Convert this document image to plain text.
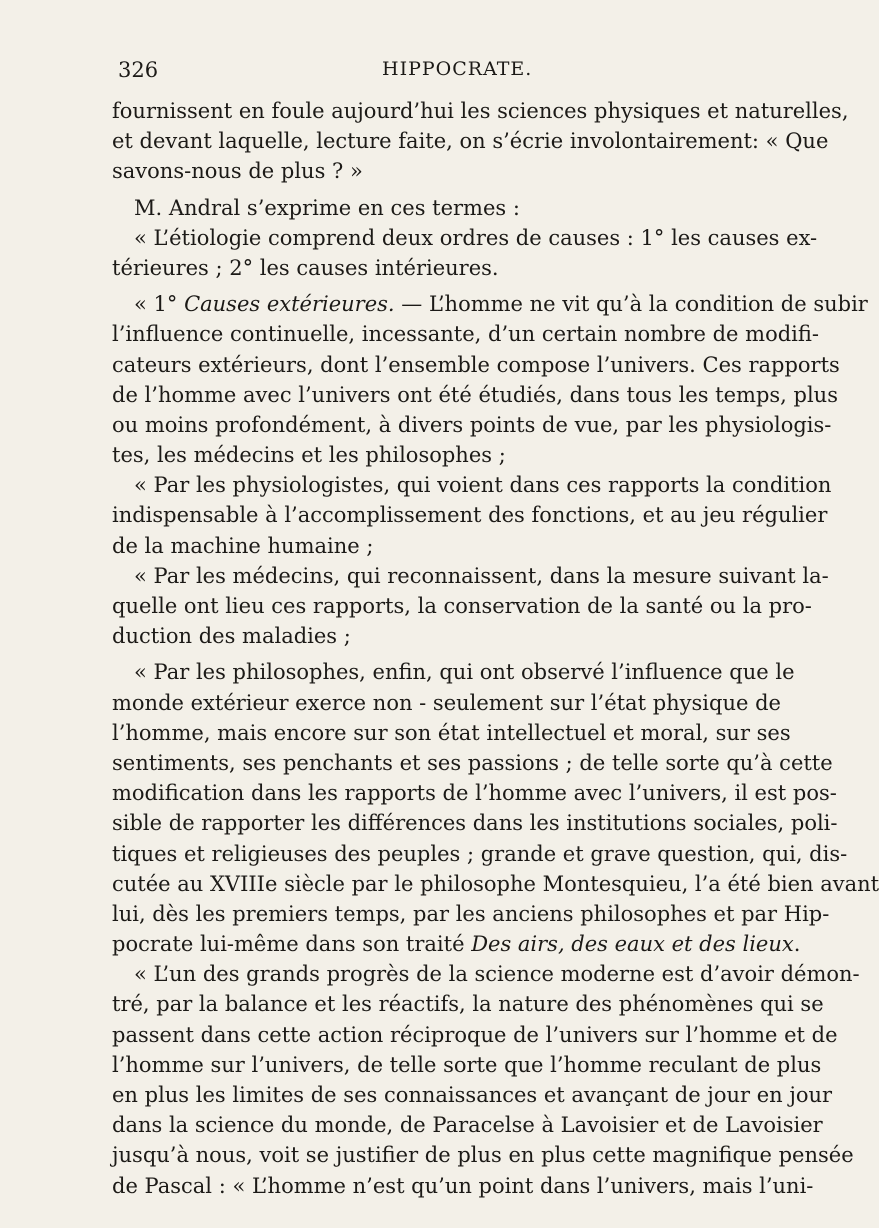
326	HIPPOCRATE.
fournissent en foule aujourd’hui les sciences physiques et naturelles,
et devant laquelle, lecture faite, on s’écrie involontairement: « Que
savons-nous de plus ? »
M. Andral s’exprime en ces termes :
« L’étiologie comprend deux ordres de causes : 1° les causes ex-
térieures ; 2° les causes intérieures.
« 1° Causes extérieures. — L’homme ne vit qu’à la condition de subir
l’influence continuelle, incessante, d’un certain nombre de modifi-
cateurs extérieurs, dont l’ensemble compose l’univers. Ces rapports
de l’homme avec l’univers ont été étudiés, dans tous les temps, plus
ou moins profondément, à divers points de vue, par les physiologis-
tes, les médecins et les philosophes ;
« Par les physiologistes, qui voient dans ces rapports la condition
indispensable à l’accomplissement des fonctions, et au jeu régulier
de la machine humaine ;
« Par les médecins, qui reconnaissent, dans la mesure suivant la-
quelle ont lieu ces rapports, la conservation de la santé ou la pro-
duction des maladies ;
« Par les philosophes, enfin, qui ont observé l’influence que le
monde extérieur exerce non - seulement sur l’état physique de
l’homme, mais encore sur son état intellectuel et moral, sur ses
sentiments, ses penchants et ses passions ; de telle sorte qu’à cette
modification dans les rapports de l’homme avec l’univers, il est pos-
sible de rapporter les différences dans les institutions sociales, poli-
tiques et religieuses des peuples ; grande et grave question, qui, dis-
cutée au XVIIIe siècle par le philosophe Montesquieu, l’a été bien avant
lui, dès les premiers temps, par les anciens philosophes et par Hip-
pocrate lui-même dans son traité Des airs, des eaux et des lieux.
« L’un des grands progrès de la science moderne est d’avoir démon-
tré, par la balance et les réactifs, la nature des phénomènes qui se
passent dans cette action réciproque de l’univers sur l’homme et de
l’homme sur l’univers, de telle sorte que l’homme reculant de plus
en plus les limites de ses connaissances et avançant de jour en jour
dans la science du monde, de Paracelse à Lavoisier et de Lavoisier
jusqu’à nous, voit se justifier de plus en plus cette magnifique pensée
de Pascal : « L’homme n’est qu’un point dans l’univers, mais l’uni-
